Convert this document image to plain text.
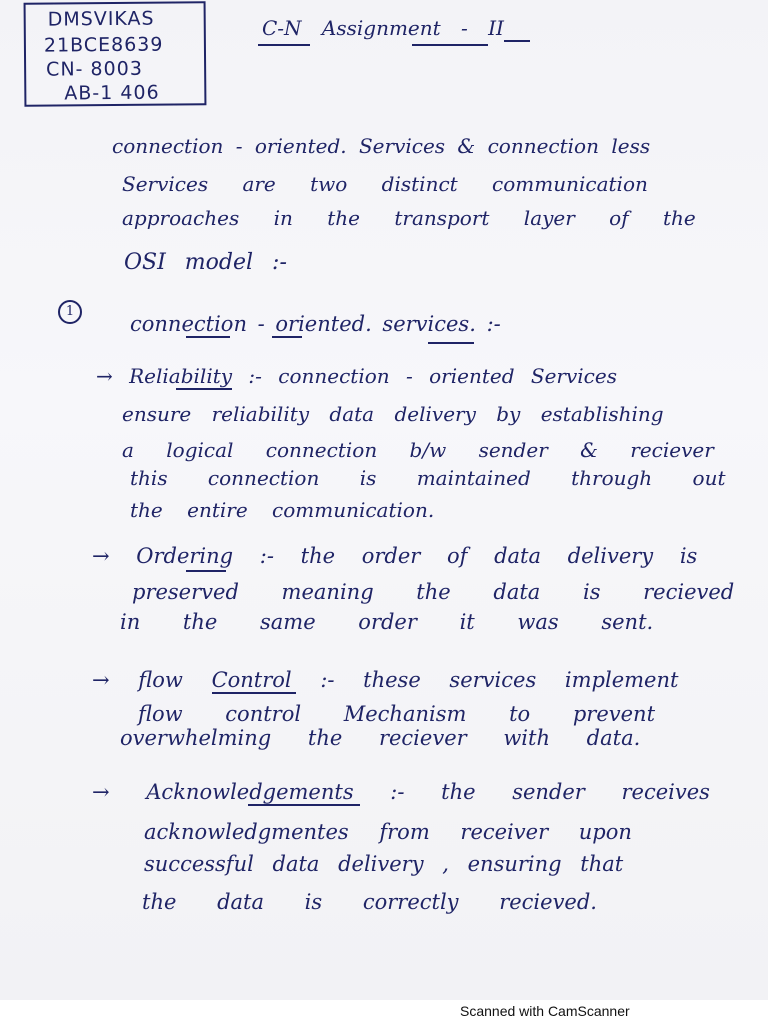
DMSVIKAS
21BCE8639
CN- 8003
AB-1 406
C-N Assignment - II
connection - oriented. Services & connection less
Services are two distinct communication
approaches in the transport layer of the
OSI model :-
1
connection - oriented. services. :-
→ Reliability :- connection - oriented Services
ensure reliability data delivery by establishing
a logical connection b/w sender & reciever
this connection is maintained through out
the entire communication.
→ Ordering :- the order of data delivery is
preserved meaning the data is recieved
in the same order it was sent.
→ flow Control :- these services implement
flow control Mechanism to prevent
overwhelming the reciever with data.
→ Acknowledgements :- the sender receives
acknowledgmentes from receiver upon
successful data delivery , ensuring that
the data is correctly recieved.
Scanned with CamScanner
